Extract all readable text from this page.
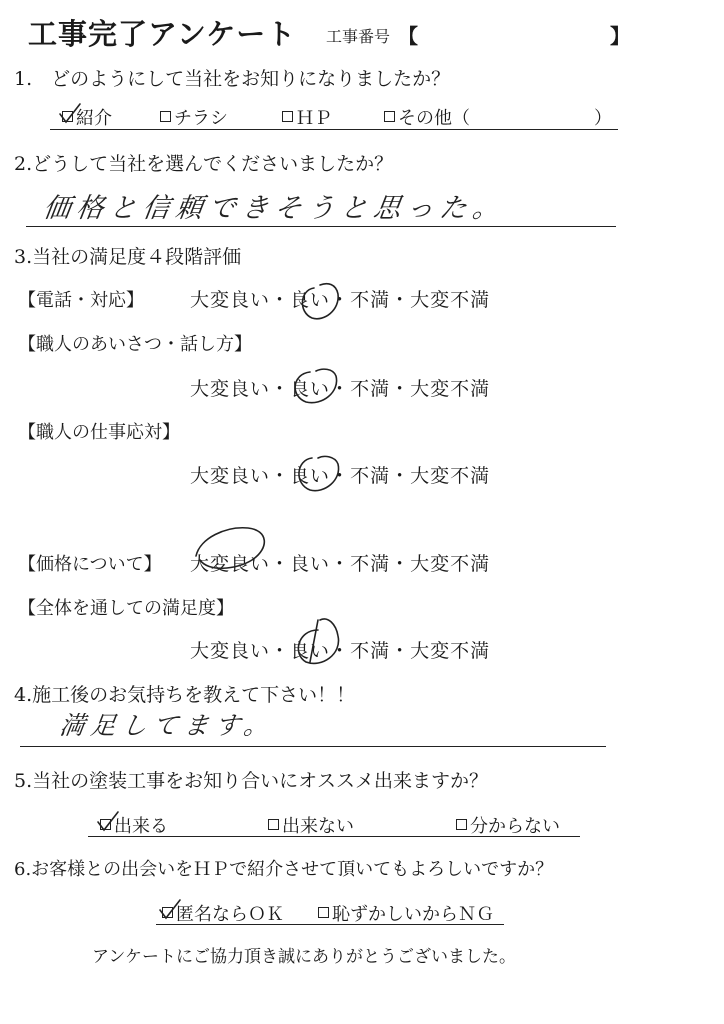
工事完了アンケート 工事番号 【	】
1.　どのようにして当社をお知りになりましたか？
紹介	チラシ	ＨＰ	その他（	）
2.どうして当社を選んでくださいましたか？
価格と信頼できそうと思った。
3.当社の満足度４段階評価
【電話・対応】 大変良い・良い・不満・大変不満
【職人のあいさつ・話し方】
大変良い・良い・不満・大変不満
【職人の仕事応対】
大変良い・良い・不満・大変不満
【価格について】 大変良い・良い・不満・大変不満
【全体を通しての満足度】
大変良い・良い・不満・大変不満
4.施工後のお気持ちを教えて下さい！！
満足してます。
5.当社の塗装工事をお知り合いにオススメ出来ますか？
出来る	出来ない	分からない
6.お客様との出会いをＨＰで紹介させて頂いてもよろしいですか？
匿名ならＯＫ	恥ずかしいからＮＧ
アンケートにご協力頂き誠にありがとうございました。
